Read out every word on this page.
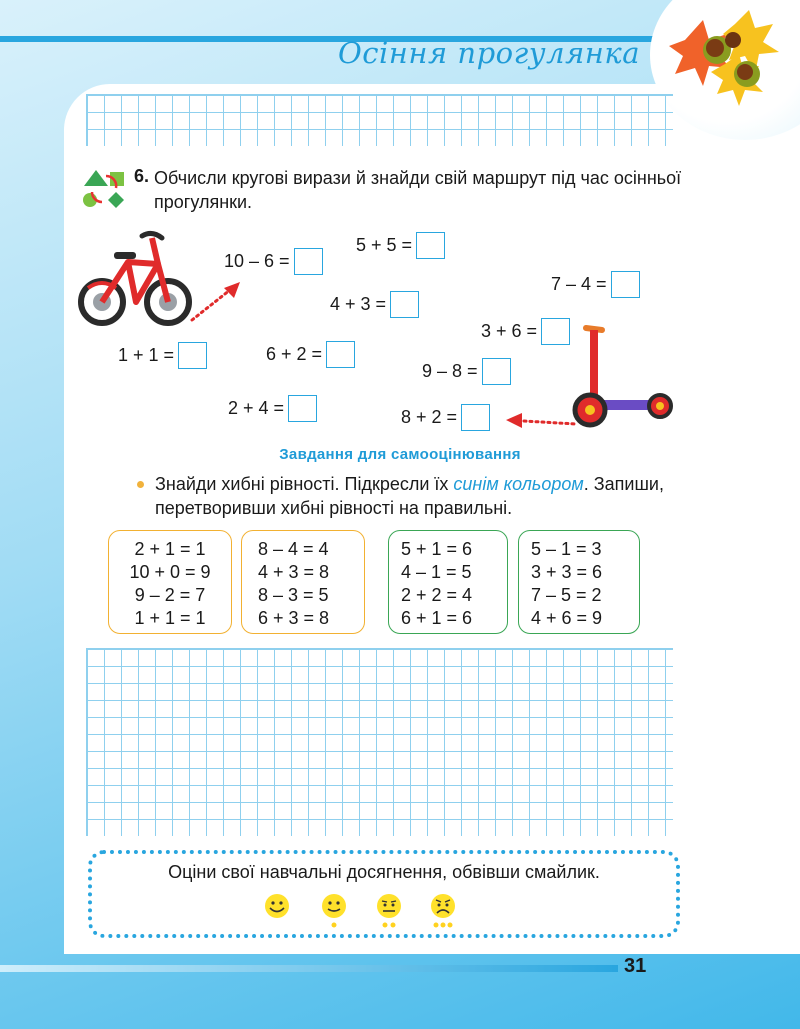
Осіння прогулянка
6. Обчисли кругові вирази й знайди свій маршрут під час осінньої прогулянки.
10 – 6 =
5 + 5 =
7 – 4 =
4 + 3 =
3 + 6 =
1 + 1 =	6 + 2 =
9 – 8 =
2 + 4 =	8 + 2 =
Завдання для самооцінювання
Знайди хибні рівності. Підкресли їх синім кольором. Запиши, перетворивши хибні рівності на правильні.
2 + 1 = 1
10 + 0 = 9
9 – 2 = 7
1 + 1 = 1
8 – 4 = 4
4 + 3 = 8
8 – 3 = 5
6 + 3 = 8
5 + 1 = 6
4 – 1 = 5
2 + 2 = 4
6 + 1 = 6
5 – 1 = 3
3 + 3 = 6
7 – 5 = 2
4 + 6 = 9
Оціни свої навчальні досягнення, обвівши смайлик.
31
